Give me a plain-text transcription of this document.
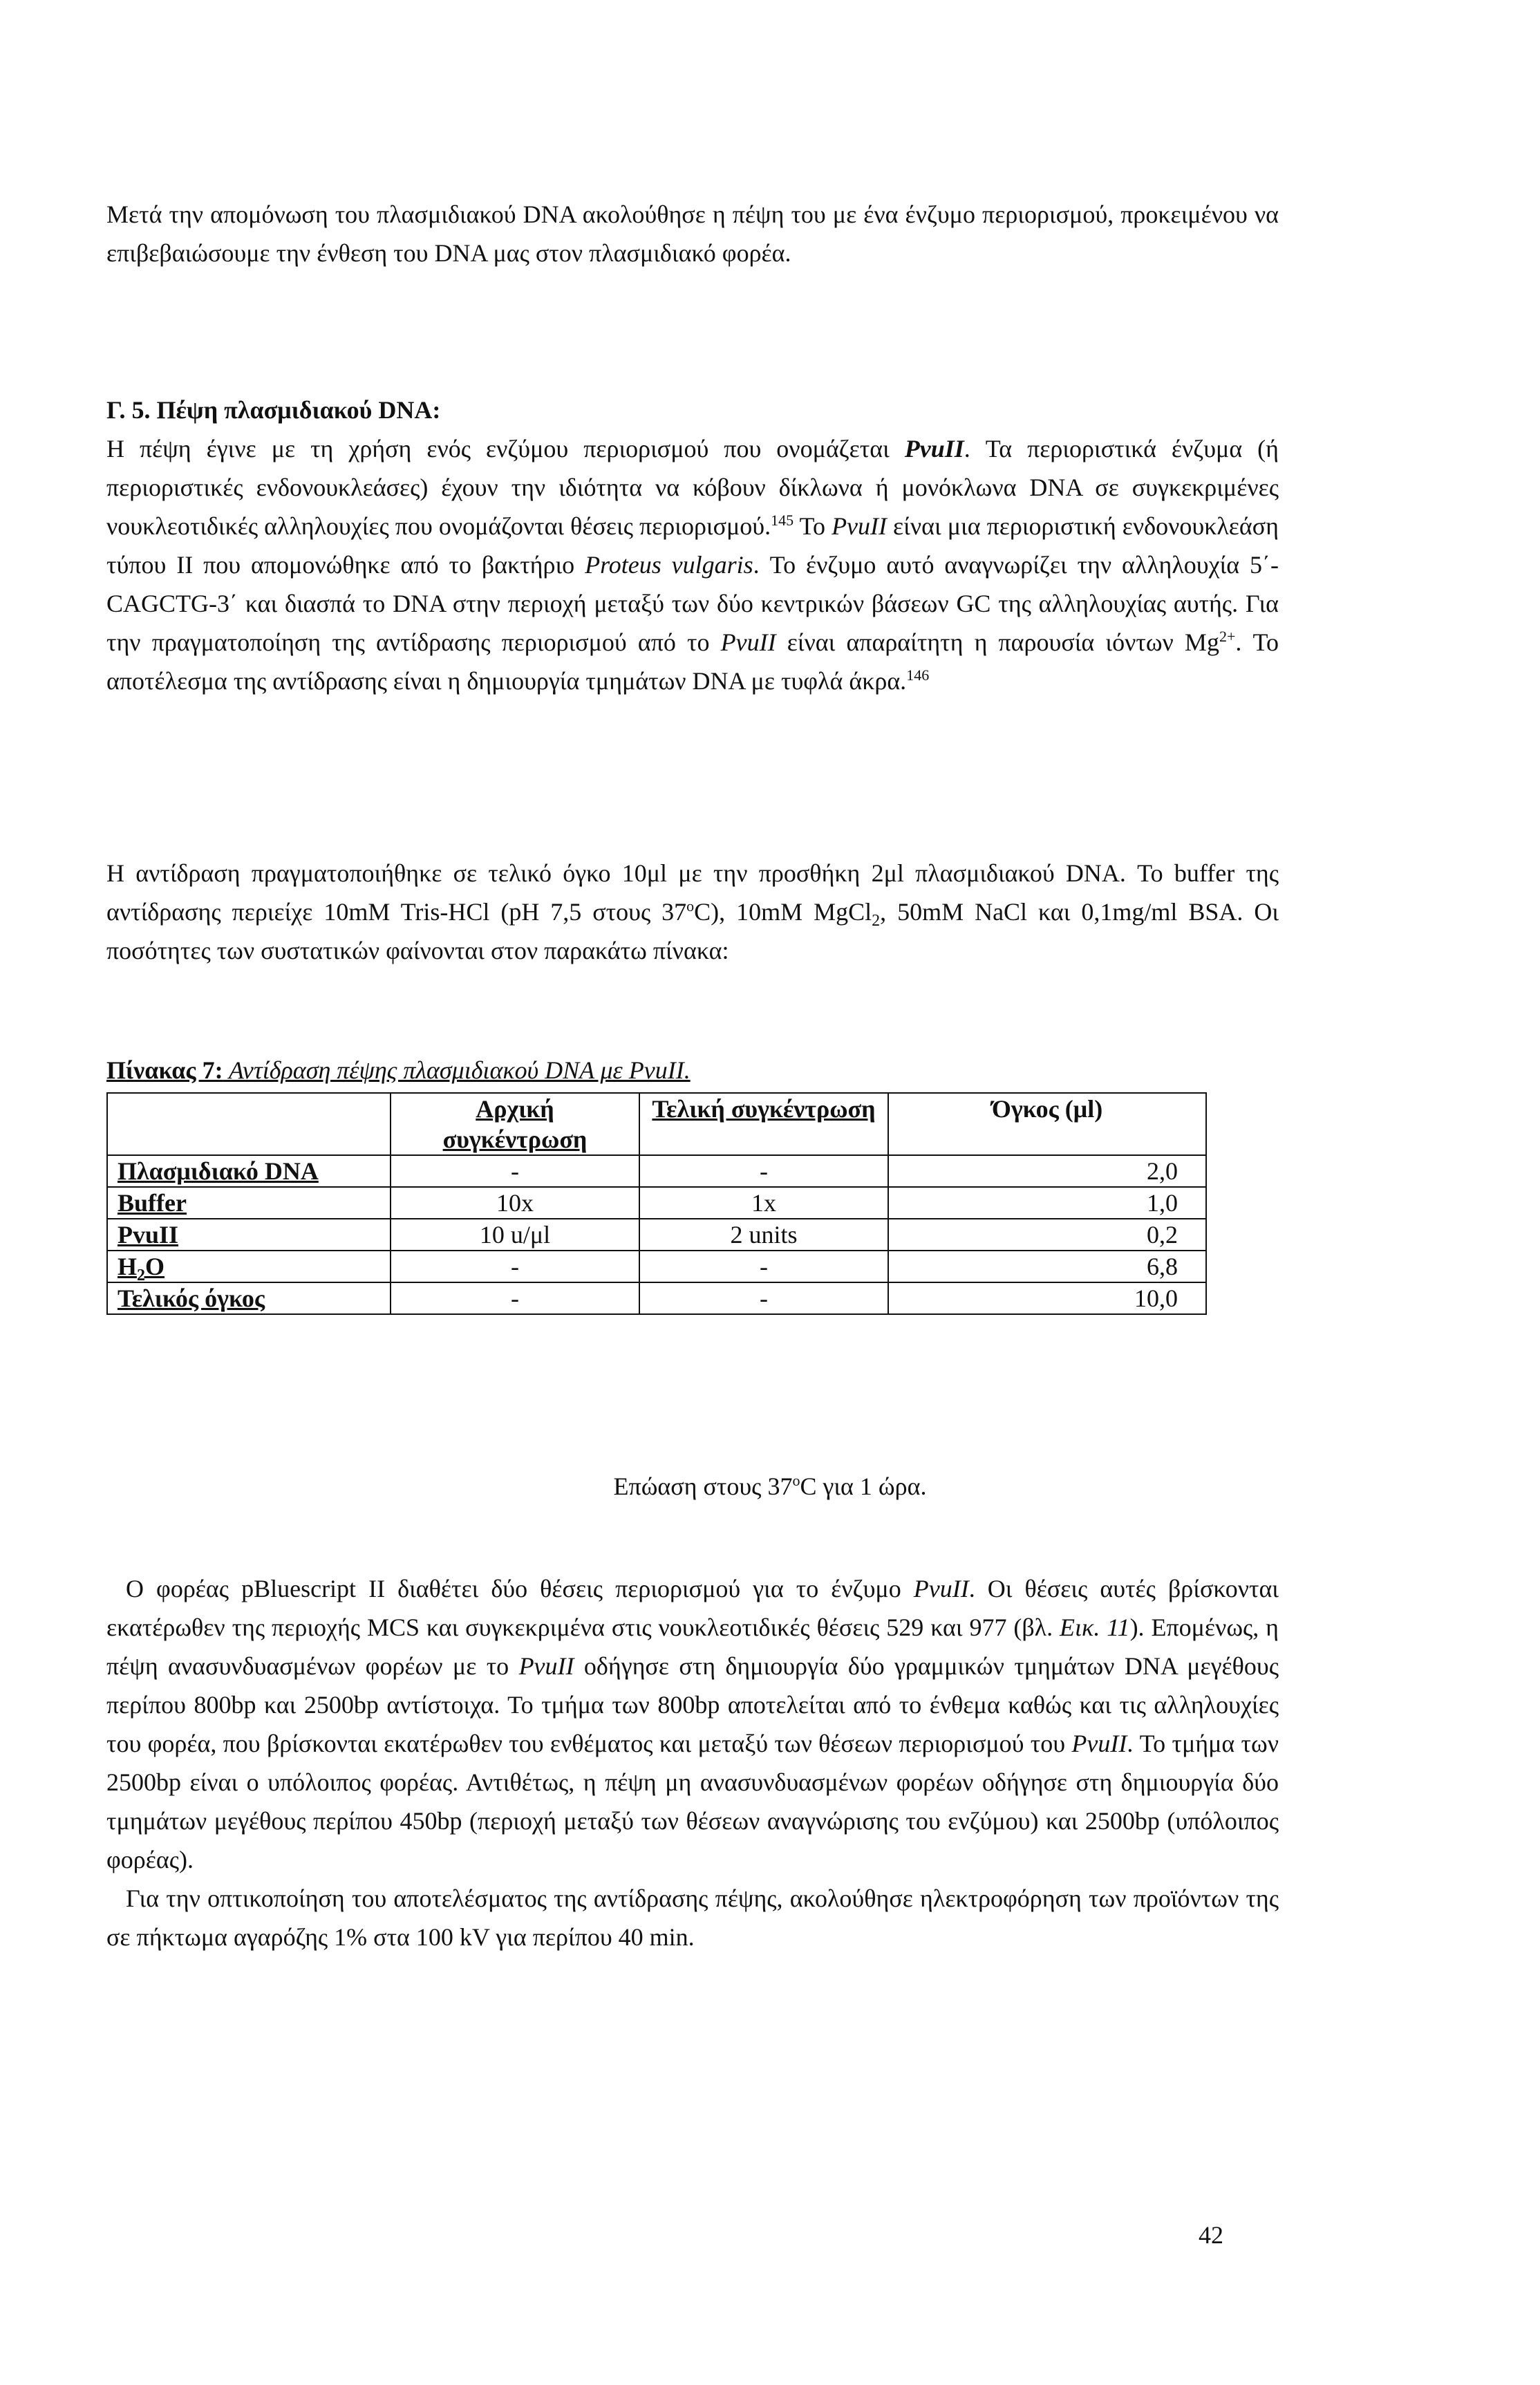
Μετά την απομόνωση του πλασμιδιακού DNA ακολούθησε η πέψη του με ένα ένζυμο περιορισμού, προκειμένου να επιβεβαιώσουμε την ένθεση του DNA μας στον πλασμιδιακό φορέα.

Γ. 5. Πέψη πλασμιδιακού DNA:

Η πέψη έγινε με τη χρήση ενός ενζύμου περιορισμού που ονομάζεται PvuII. Τα περιοριστικά ένζυμα (ή περιοριστικές ενδονουκλεάσες) έχουν την ιδιότητα να κόβουν δίκλωνα ή μονόκλωνα DNA σε συγκεκριμένες νουκλεοτιδικές αλληλουχίες που ονομάζονται θέσεις περιορισμού.$^{145}$ Το PvuII είναι μια περιοριστική ενδονουκλεάση τύπου II που απομονώθηκε από το βακτήριο Proteus vulgaris. Το ένζυμο αυτό αναγνωρίζει την αλληλουχία 5΄-CAGCTG-3΄ και διασπά το DNA στην περιοχή μεταξύ των δύο κεντρικών βάσεων GC της αλληλουχίας αυτής. Για την πραγματοποίηση της αντίδρασης περιορισμού από το PvuII είναι απαραίτητη η παρουσία ιόντων $Mg^{2+}$. Το αποτέλεσμα της αντίδρασης είναι η δημιουργία τμημάτων DNA με τυφλά άκρα.$^{146}$

Η αντίδραση πραγματοποιήθηκε σε τελικό όγκο 10μl με την προσθήκη 2μl πλασμιδιακού DNA. Το buffer της αντίδρασης περιείχε 10mM Tris-HCl (pH 7,5 στους 37$^o$C), 10mM MgCl$_2$, 50mM NaCl και 0,1mg/ml BSA. Οι ποσότητες των συστατικών φαίνονται στον παρακάτω πίνακα:

Πίνακας 7: Αντίδραση πέψης πλασμιδιακού DNA με PvuII.
	Αρχική συγκέντρωση	Τελική συγκέντρωση	Όγκος (μl)
Πλασμιδιακό DNA	-	-	2,0
Buffer	10x	1x	1,0
PvuII	10 u/μl	2 units	0,2
$H_2O$	-	-	6,8
Τελικός όγκος	-	-	10,0
Επώαση στους 37$^o$C για 1 ώρα.

Ο φορέας pBluescript II διαθέτει δύο θέσεις περιορισμού για το ένζυμο PvuII. Οι θέσεις αυτές βρίσκονται εκατέρωθεν της περιοχής MCS και συγκεκριμένα στις νουκλεοτιδικές θέσεις 529 και 977 (βλ. Εικ. 11). Επομένως, η πέψη ανασυνδυασμένων φορέων με το PvuII οδήγησε στη δημιουργία δύο γραμμικών τμημάτων DNA μεγέθους περίπου 800bp και 2500bp αντίστοιχα. Το τμήμα των 800bp αποτελείται από το ένθεμα καθώς και τις αλληλουχίες του φορέα, που βρίσκονται εκατέρωθεν του ενθέματος και μεταξύ των θέσεων περιορισμού του PvuII. Το τμήμα των 2500bp είναι ο υπόλοιπος φορέας. Αντιθέτως, η πέψη μη ανασυνδυασμένων φορέων οδήγησε στη δημιουργία δύο τμημάτων μεγέθους περίπου 450bp (περιοχή μεταξύ των θέσεων αναγνώρισης του ενζύμου) και 2500bp (υπόλοιπος φορέας).

Για την οπτικοποίηση του αποτελέσματος της αντίδρασης πέψης, ακολούθησε ηλεκτροφόρηση των προϊόντων της σε πήκτωμα αγαρόζης 1% στα 100 kV για περίπου 40 min.

42
